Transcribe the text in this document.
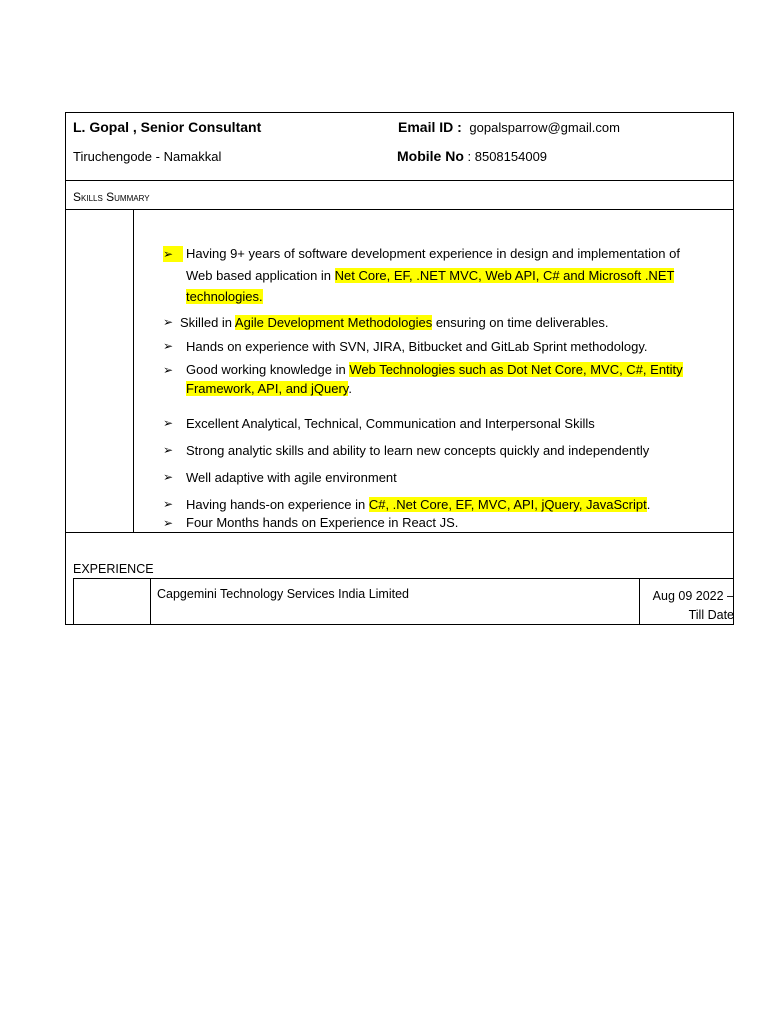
L. Gopal , Senior Consultant
Tiruchengode - Namakkal
Email ID : gopalsparrow@gmail.com
Mobile No : 8508154009
Skills Summary
➢ Having 9+ years of software development experience in design and implementation of
Web based application in Net Core, EF, .NET MVC, Web API, C# and Microsoft .NET
technologies.
➢ Skilled in Agile Development Methodologies ensuring on time deliverables.
➢ Hands on experience with SVN, JIRA, Bitbucket and GitLab Sprint methodology.
➢ Good working knowledge in Web Technologies such as Dot Net Core, MVC, C#, Entity
Framework, API, and jQuery.
➢ Excellent Analytical, Technical, Communication and Interpersonal Skills
➢ Strong analytic skills and ability to learn new concepts quickly and independently
➢ Well adaptive with agile environment
➢ Having hands-on experience in C#, .Net Core, EF, MVC, API, jQuery, JavaScript.
➢ Four Months hands on Experience in React JS.
EXPERIENCE
Capgemini Technology Services India Limited	Aug 09 2022 –
Till Date
